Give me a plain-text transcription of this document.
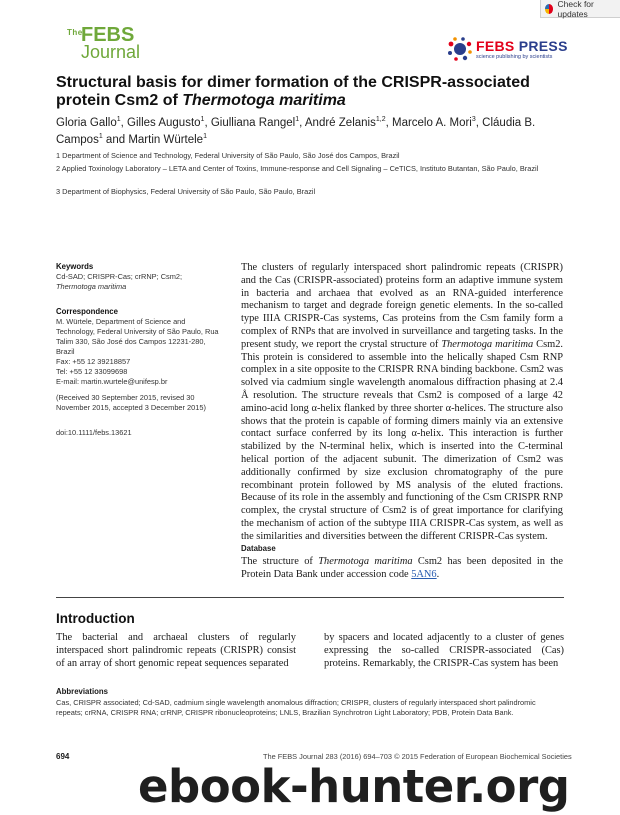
Check for updates
The
FEBS
Journal	FEBS PRESS
science publishing by scientists
Structural basis for dimer formation of the CRISPR-associated protein Csm2 of Thermotoga maritima
Gloria Gallo$^1$, Gilles Augusto$^1$, Giulliana Rangel$^1$, André Zelanis$^{1,2}$, Marcelo A. Mori$^3$, Cláudia B. Campos$^1$ and Martin Würtele$^1$
1 Department of Science and Technology, Federal University of São Paulo, São José dos Campos, Brazil
2 Applied Toxinology Laboratory – LETA and Center of Toxins, Immune-response and Cell Signaling – CeTICS, Instituto Butantan, São Paulo, Brazil
3 Department of Biophysics, Federal University of São Paulo, São Paulo, Brazil
Keywords
Cd-SAD; CRISPR-Cas; crRNP; Csm2;
Thermotoga maritima
Correspondence
M. Würtele, Department of Science and Technology, Federal University of São Paulo, Rua Talim 330, São José dos Campos 12231-280, Brazil
Fax: +55 12 39218857
Tel: +55 12 33099698
E-mail: martin.wurtele@unifesp.br
(Received 30 September 2015, revised 30 November 2015, accepted 3 December 2015)
doi:10.1111/febs.13621

The clusters of regularly interspaced short palindromic repeats (CRISPR) and the Cas (CRISPR-associated) proteins form an adaptive immune system in bacteria and archaea that evolved as an RNA-guided interference mechanism to target and degrade foreign genetic elements. In the so-called type IIIA CRISPR-Cas systems, Cas proteins from the Csm family form a complex of RNPs that are involved in surveillance and targeting tasks. In the present study, we report the crystal structure of Thermotoga maritima Csm2. This protein is considered to assemble into the helically shaped Csm RNP complex in a site opposite to the CRISPR RNA binding backbone. Csm2 was solved via cadmium single wavelength anomalous diffraction phasing at 2.4 Å resolution. The structure reveals that Csm2 is composed of a large 42 amino-acid long α-helix flanked by three shorter α-helices. The structure also shows that the protein is capable of forming dimers mainly via an extensive contact surface conferred by its long α-helix. This interaction is further stabilized by the N-terminal helix, which is inserted into the C-terminal helical portion of the adjacent subunit. The dimerization of Csm2 was additionally confirmed by size exclusion chromatography of the pure recombinant protein followed by MS analysis of the eluted fractions. Because of its role in the assembly and functioning of the Csm CRISPR RNP complex, the crystal structure of Csm2 is of great importance for clarifying the mechanism of action of the subtype IIIA CRISPR-Cas system, as well as the similarities and diversities between the different CRISPR-Cas system.

Database

The structure of Thermotoga maritima Csm2 has been deposited in the Protein Data Bank under accession code 5AN6.

Introduction

The bacterial and archaeal clusters of regularly interspaced short palindromic repeats (CRISPR) consist of an array of short genomic repeat sequences separated

by spacers and located adjacently to a cluster of genes expressing the so-called CRISPR-associated (Cas) proteins. Remarkably, the CRISPR-Cas system has been

Abbreviations
Cas, CRISPR associated; Cd-SAD, cadmium single wavelength anomalous diffraction; CRISPR, clusters of regularly interspaced short palindromic repeats; crRNA, CRISPR RNA; crRNP, CRISPR ribonucleoproteins; LNLS, Brazilian Synchrotron Light Laboratory; PDB, Protein Data Bank.
694	The FEBS Journal 283 (2016) 694–703 © 2015 Federation of European Biochemical Societies
ebook-hunter.org
